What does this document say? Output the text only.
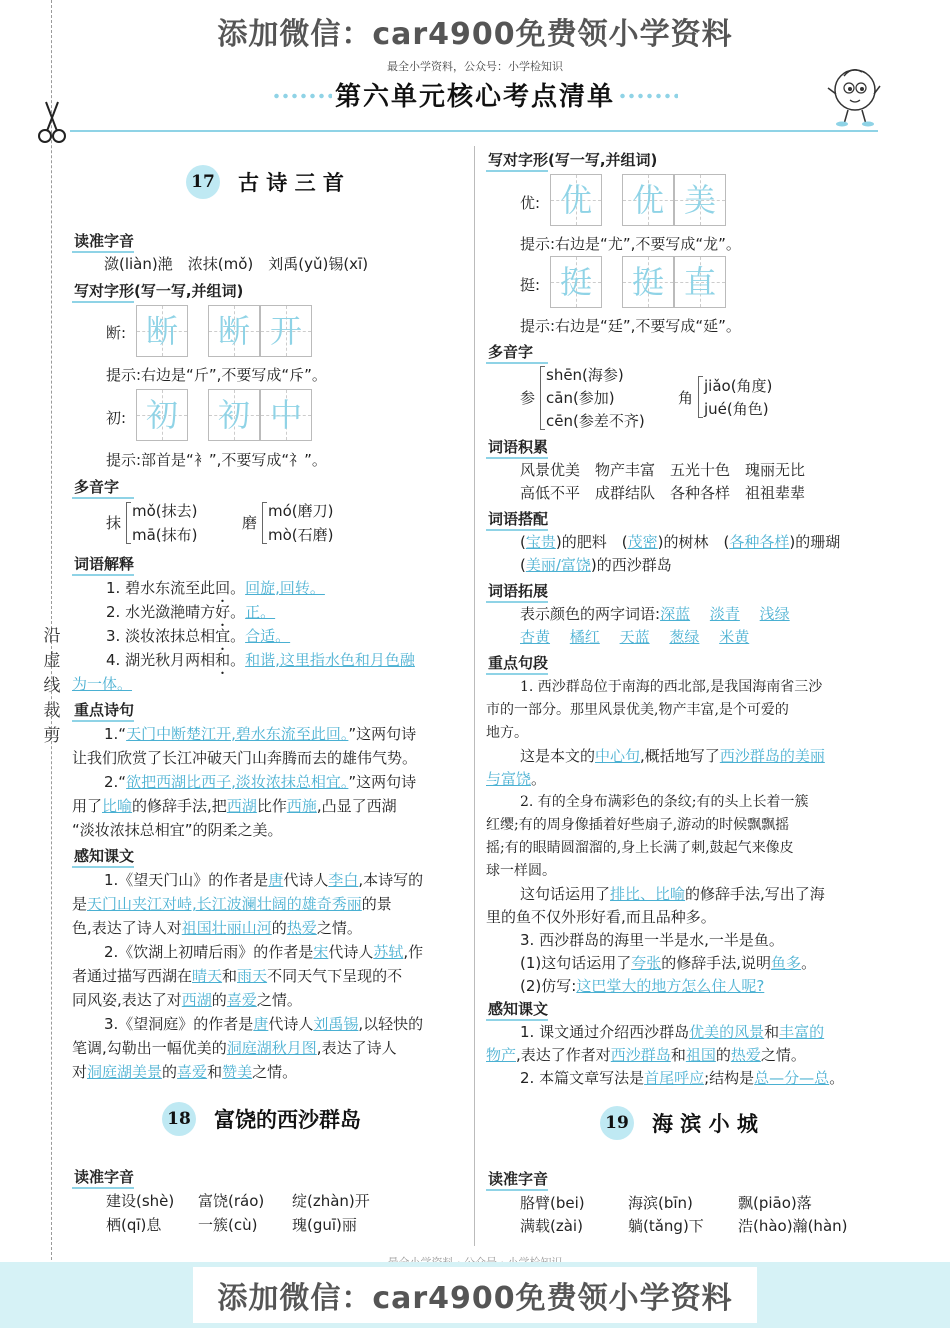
添加微信：car4900免费领小学资料
最全小学资料，公众号：小学检知识
添加微信：car4900免费领小学资料
沿虚线裁剪
第六单元核心考点清单
17 古 诗 三 首
读准字音
潋(liàn)滟　浓抹(mǒ)　刘禹(yǔ)锡(xī)
写对字形(写一写,并组词)
断: 断 断 开
提示:右边是“斤”,不要写成“斥”。
初: 初 初 中
提示:部首是“衤”,不要写成“礻”。
多音字
抹
mǒ(抹去)
mā(抹布)
磨
mó(磨刀)
mò(石磨)
词语解释
1. 碧水东流至此回。回旋,回转。
2. 水光潋滟晴方好。正。
3. 淡妆浓抹总相宜。合适。
4. 湖光秋月两相和。和谐,这里指水色和月色融
为一体。
重点诗句
1.“天门中断楚江开,碧水东流至此回。”这两句诗
让我们欣赏了长江冲破天门山奔腾而去的雄伟气势。
2.“欲把西湖比西子,淡妆浓抹总相宜。”这两句诗
用了比喻的修辞手法,把西湖比作西施,凸显了西湖
“淡妆浓抹总相宜”的阴柔之美。
感知课文
1.《望天门山》的作者是唐代诗人李白,本诗写的
是天门山夹江对峙,长江波澜壮阔的雄奇秀丽的景
色,表达了诗人对祖国壮丽山河的热爱之情。
2.《饮湖上初晴后雨》的作者是宋代诗人苏轼,作
者通过描写西湖在晴天和雨天不同天气下呈现的不
同风姿,表达了对西湖的喜爱之情。
3.《望洞庭》的作者是唐代诗人刘禹锡,以轻快的
笔调,勾勒出一幅优美的洞庭湖秋月图,表达了诗人
对洞庭湖美景的喜爱和赞美之情。
18 富饶的西沙群岛
读准字音
建设(shè) 富饶(ráo) 绽(zhàn)开
栖(qī)息 一簇(cù) 瑰(guī)丽
写对字形(写一写,并组词)
优: 优 优 美
提示:右边是“尤”,不要写成“龙”。
挺: 挺 挺 直
提示:右边是“廷”,不要写成“延”。
多音字
参
shēn(海参)
cān(参加)
cēn(参差不齐)
角
jiǎo(角度)
jué(角色)
词语积累
风景优美　物产丰富　五光十色　瑰丽无比
高低不平　成群结队　各种各样　祖祖辈辈
词语搭配
(宝贵)的肥料　(茂密)的树林　(各种各样)的珊瑚
(美丽/富饶)的西沙群岛
词语拓展
表示颜色的两字词语:深蓝　 淡青　 浅绿
杏黄　 橘红　 天蓝　 葱绿　 米黄
重点句段
1. 西沙群岛位于南海的西北部,是我国海南省三沙
市的一部分。那里风景优美,物产丰富,是个可爱的
地方。
这是本文的中心句,概括地写了西沙群岛的美丽
与富饶。
2. 有的全身布满彩色的条纹;有的头上长着一簇
红缨;有的周身像插着好些扇子,游动的时候飘飘摇
摇;有的眼睛圆溜溜的,身上长满了刺,鼓起气来像皮
球一样圆。
这句话运用了排比、比喻的修辞手法,写出了海
里的鱼不仅外形好看,而且品种多。
3. 西沙群岛的海里一半是水,一半是鱼。
(1)这句话运用了夸张的修辞手法,说明鱼多。
(2)仿写:这巴掌大的地方怎么住人呢?
感知课文
1. 课文通过介绍西沙群岛优美的风景和丰富的
物产,表达了作者对西沙群岛和祖国的热爱之情。
2. 本篇文章写法是首尾呼应;结构是总—分—总。
19 海 滨 小 城
读准字音
胳臂(bei)	海滨(bīn)	飘(piāo)落
满载(zài)	躺(tǎng)下 浩(hào)瀚(hàn)
